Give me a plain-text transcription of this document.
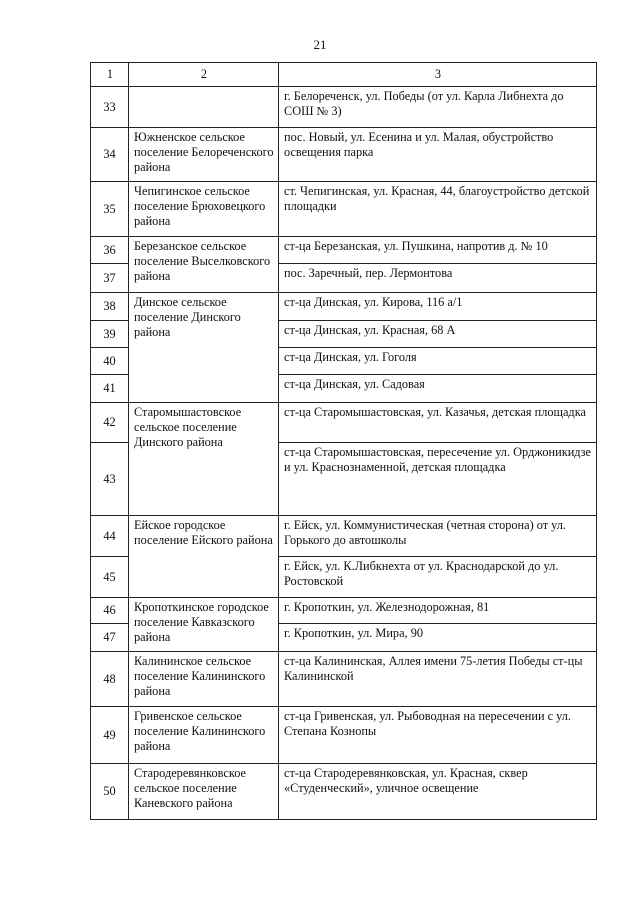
21
1	2	3
33		г. Белореченск, ул. Победы (от ул. Карла Либнехта до СОШ № 3)
34	Южненское сельское поселение Белореченского района	пос. Новый, ул. Есенина и ул. Малая, обустройство освещения парка
35	Чепигинское сельское поселение Брюховецкого района	ст. Чепигинская, ул. Красная, 44, благоустройство детской площадки
36	Березанское сельское поселение Выселковского района	ст-ца Березанская, ул. Пушкина, напротив д. № 10
37		пос. Заречный, пер. Лермонтова
38	Динское сельское поселение Динского района	ст-ца Динская, ул. Кирова, 116 а/1
39		ст-ца Динская, ул. Красная, 68 А
40		ст-ца Динская, ул. Гоголя
41		ст-ца Динская, ул. Садовая
42	Старомышастовское сельское поселение Динского района	ст-ца Старомышастовская, ул. Казачья, детская площадка
43		ст-ца Старомышастовская, пересечение ул. Орджоникидзе и ул. Краснознаменной, детская площадка
44	Ейское городское поселение Ейского района	г. Ейск, ул. Коммунистическая (четная сторона) от ул. Горького до автошколы
45		г. Ейск, ул. К.Либкнехта от ул. Краснодарской до ул. Ростовской
46	Кропоткинское городское поселение Кавказского района	г. Кропоткин, ул. Железнодорожная, 81
47		г. Кропоткин, ул. Мира, 90
48	Калининское сельское поселение Калининского района	ст-ца Калининская, Аллея имени 75-летия Победы ст-цы Калининской
49	Гривенское сельское поселение Калининского района	ст-ца Гривенская, ул. Рыбоводная на пересечении с ул. Степана Кознопы
50	Стародеревянковское сельское поселение Каневского района	ст-ца Стародеревянковская, ул. Красная, сквер «Студенческий», уличное освещение
